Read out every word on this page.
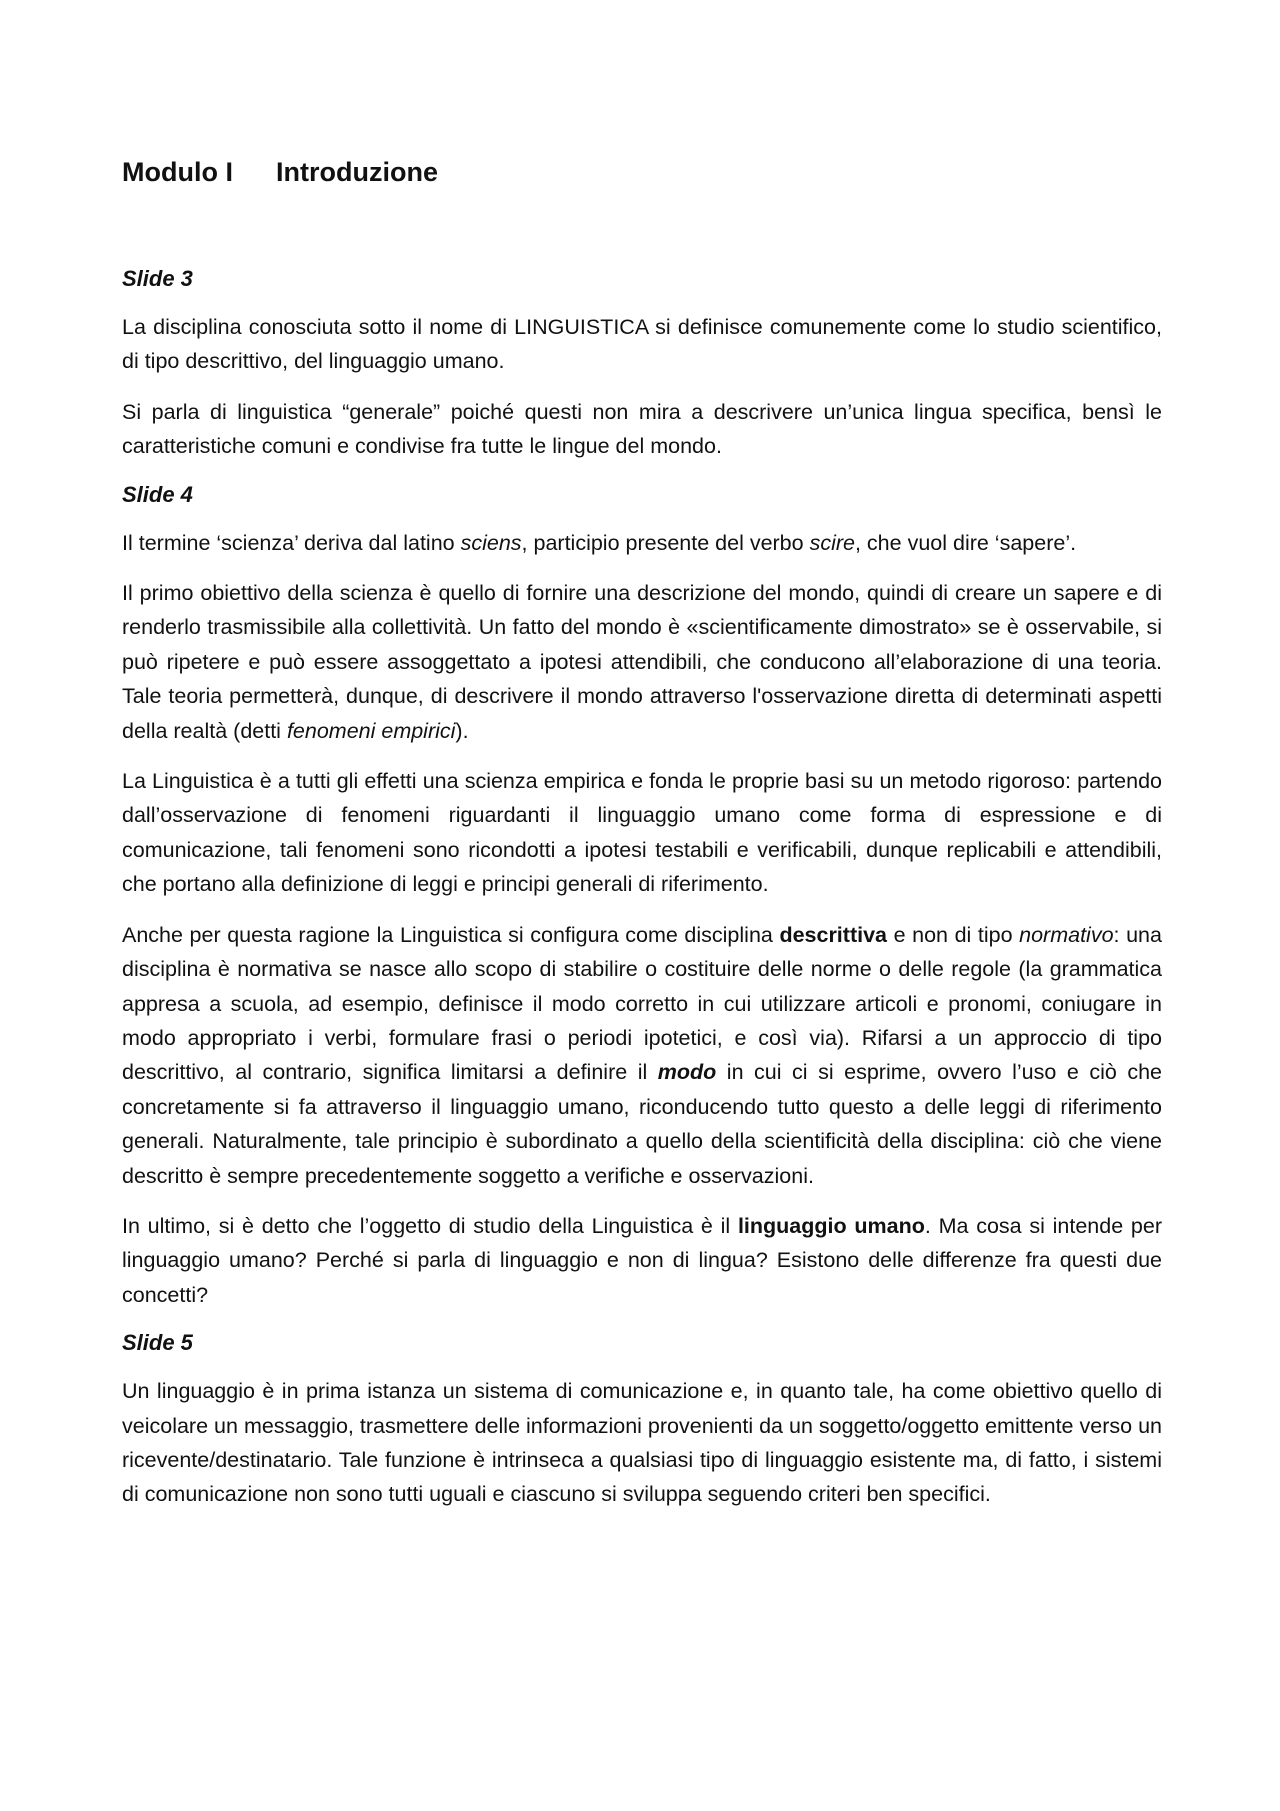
Modulo I Introduzione
Slide 3

La disciplina conosciuta sotto il nome di LINGUISTICA si definisce comunemente come lo studio scientifico, di tipo descrittivo, del linguaggio umano.

Si parla di linguistica “generale” poiché questi non mira a descrivere un’unica lingua specifica, bensì le caratteristiche comuni e condivise fra tutte le lingue del mondo.

Slide 4

Il termine ‘scienza’ deriva dal latino sciens, participio presente del verbo scire, che vuol dire ‘sapere’.

Il primo obiettivo della scienza è quello di fornire una descrizione del mondo, quindi di creare un sapere e di renderlo trasmissibile alla collettività. Un fatto del mondo è «scientificamente dimostrato» se è osservabile, si può ripetere e può essere assoggettato a ipotesi attendibili, che conducono all’elaborazione di una teoria. Tale teoria permetterà, dunque, di descrivere il mondo attraverso l'osservazione diretta di determinati aspetti della realtà (detti fenomeni empirici).

La Linguistica è a tutti gli effetti una scienza empirica e fonda le proprie basi su un metodo rigoroso: partendo dall’osservazione di fenomeni riguardanti il linguaggio umano come forma di espressione e di comunicazione, tali fenomeni sono ricondotti a ipotesi testabili e verificabili, dunque replicabili e attendibili, che portano alla definizione di leggi e principi generali di riferimento.

Anche per questa ragione la Linguistica si configura come disciplina descrittiva e non di tipo normativo: una disciplina è normativa se nasce allo scopo di stabilire o costituire delle norme o delle regole (la grammatica appresa a scuola, ad esempio, definisce il modo corretto in cui utilizzare articoli e pronomi, coniugare in modo appropriato i verbi, formulare frasi o periodi ipotetici, e così via). Rifarsi a un approccio di tipo descrittivo, al contrario, significa limitarsi a definire il modo in cui ci si esprime, ovvero l’uso e ciò che concretamente si fa attraverso il linguaggio umano, riconducendo tutto questo a delle leggi di riferimento generali. Naturalmente, tale principio è subordinato a quello della scientificità della disciplina: ciò che viene descritto è sempre precedentemente soggetto a verifiche e osservazioni.

In ultimo, si è detto che l’oggetto di studio della Linguistica è il linguaggio umano. Ma cosa si intende per linguaggio umano? Perché si parla di linguaggio e non di lingua? Esistono delle differenze fra questi due concetti?

Slide 5

Un linguaggio è in prima istanza un sistema di comunicazione e, in quanto tale, ha come obiettivo quello di veicolare un messaggio, trasmettere delle informazioni provenienti da un soggetto/oggetto emittente verso un ricevente/destinatario. Tale funzione è intrinseca a qualsiasi tipo di linguaggio esistente ma, di fatto, i sistemi di comunicazione non sono tutti uguali e ciascuno si sviluppa seguendo criteri ben specifici.
